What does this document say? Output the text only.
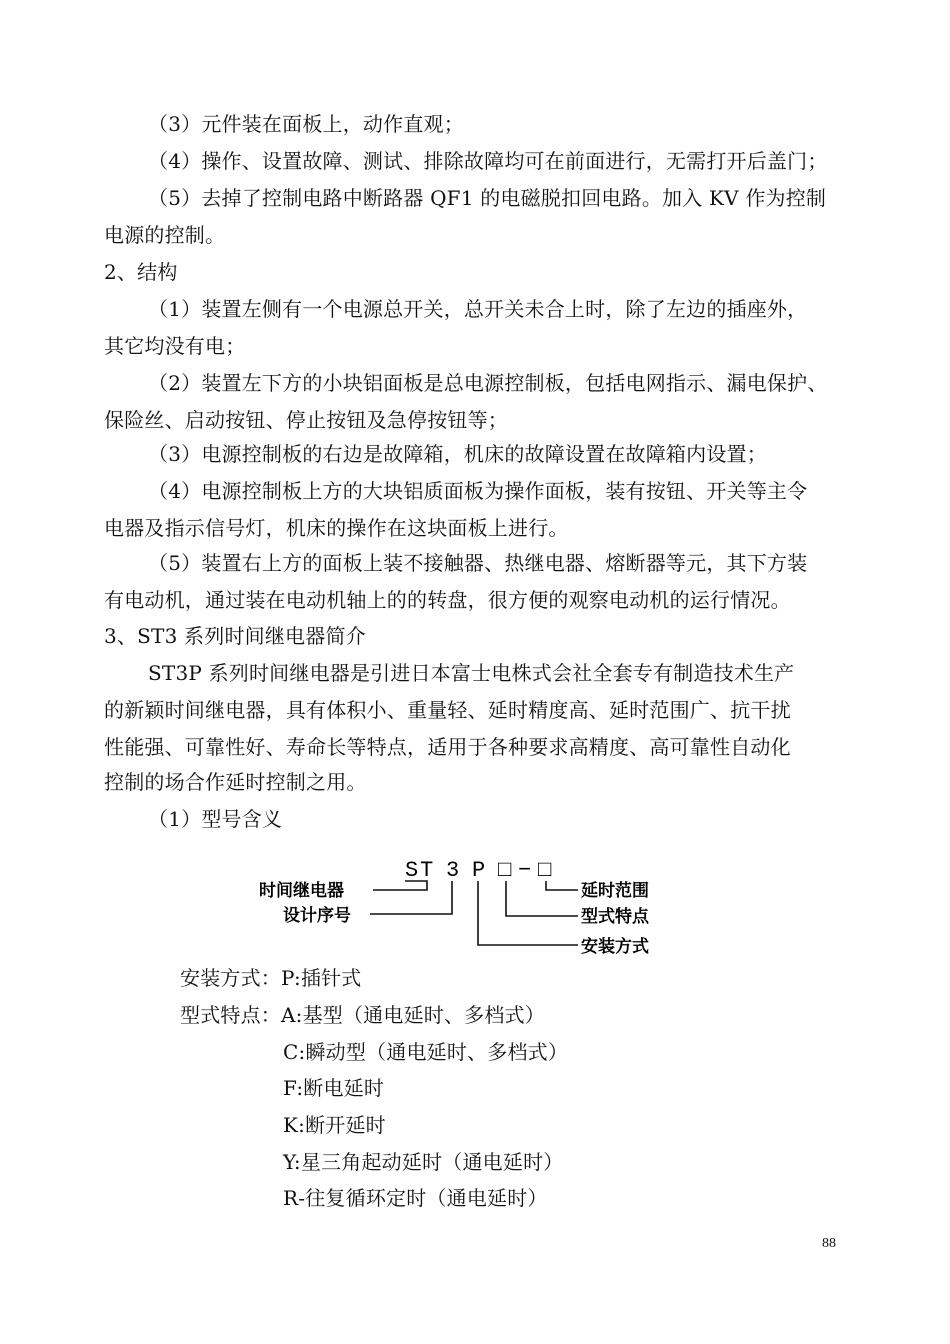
（3）元件装在面板上，动作直观；
（4）操作、设置故障、测试、排除故障均可在前面进行，无需打开后盖门；
（5）去掉了控制电路中断路器 QF1 的电磁脱扣回电路。加入 KV 作为控制
电源的控制。
2、结构
（1）装置左侧有一个电源总开关，总开关未合上时，除了左边的插座外，
其它均没有电；
（2）装置左下方的小块铝面板是总电源控制板，包括电网指示、漏电保护、
保险丝、启动按钮、停止按钮及急停按钮等；
（3）电源控制板的右边是故障箱，机床的故障设置在故障箱内设置；
（4）电源控制板上方的大块铝质面板为操作面板，装有按钮、开关等主令
电器及指示信号灯，机床的操作在这块面板上进行。
（5）装置右上方的面板上装不接触器、热继电器、熔断器等元，其下方装
有电动机，通过装在电动机轴上的的转盘，很方便的观察电动机的运行情况。
3、ST3 系列时间继电器简介
ST3P 系列时间继电器是引进日本富士电株式会社全套专有制造技术生产
的新颖时间继电器，具有体积小、重量轻、延时精度高、延时范围广、抗干扰
性能强、可靠性好、寿命长等特点，适用于各种要求高精度、高可靠性自动化
控制的场合作延时控制之用。
（1）型号含义
S T 3 P □ − □
时间继电器
设计序号
延时范围
型式特点
安装方式
安装方式：P:插针式
型式特点：A:基型（通电延时、多档式）
C:瞬动型（通电延时、多档式）
F:断电延时
K:断开延时
Y:星三角起动延时（通电延时）
R-往复循环定时（通电延时）
88
